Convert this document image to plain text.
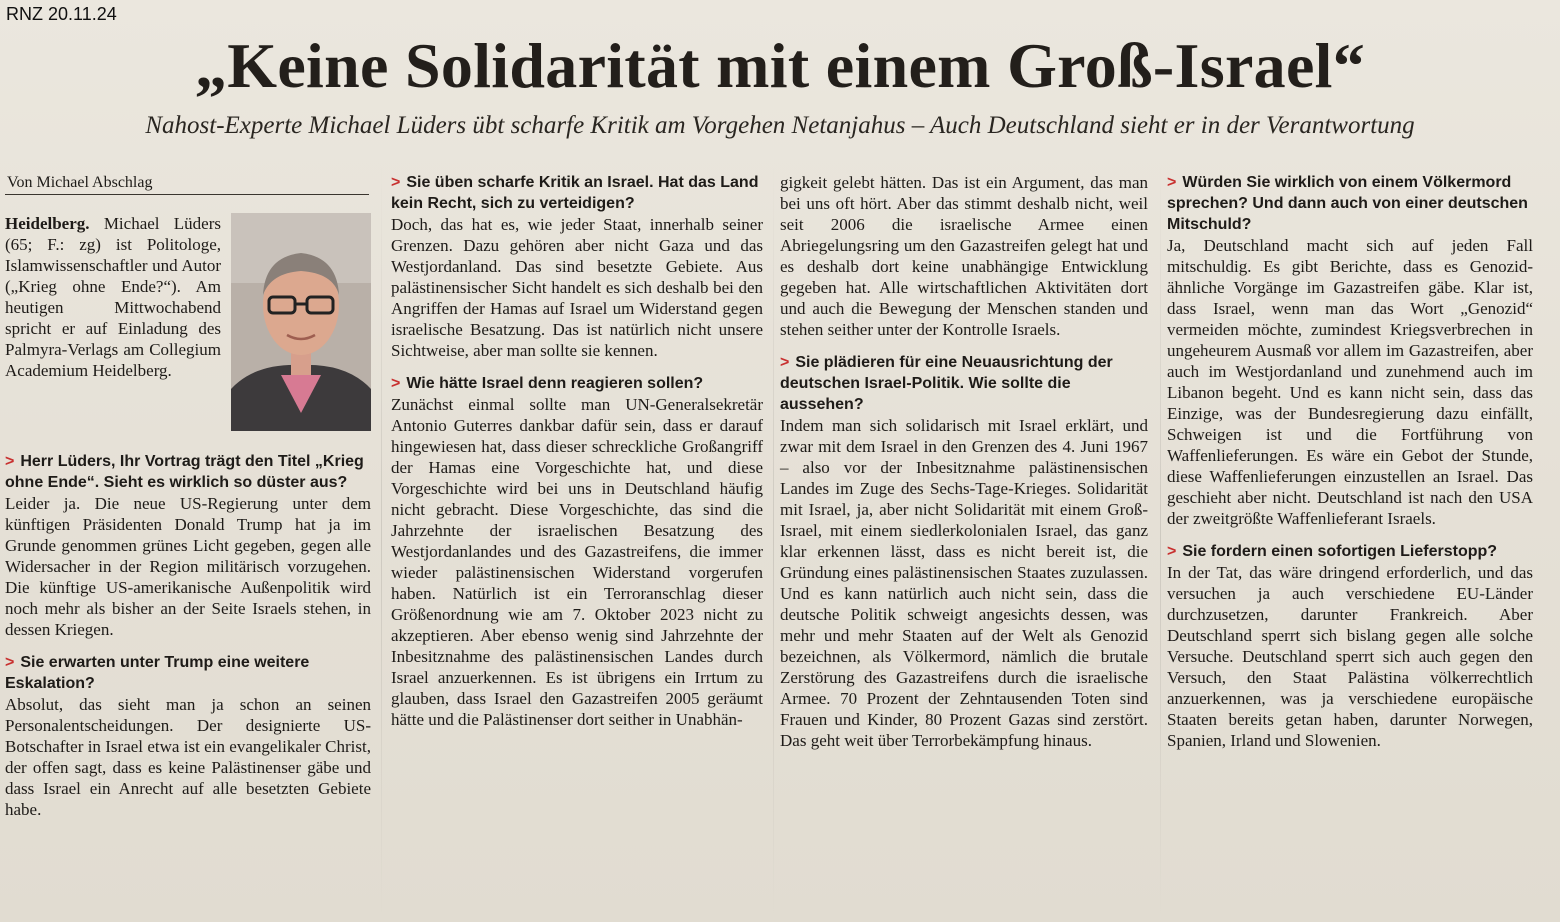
RNZ 20.11.24
„Keine Solidarität mit einem Groß-Israel“
Nahost-Experte Michael Lüders übt scharfe Kritik am Vorgehen Netanjahus – Auch Deutschland sieht er in der Verantwortung
Von Michael Abschlag

Heidelberg. Michael Lüders (65; F.: zg) ist Politologe, Islamwissenschaftler und Autor („Krieg ohne Ende?“). Am heutigen Mittwochabend spricht er auf Einladung des Palmyra-Verlags am Collegium Academium Heidelberg.

> Herr Lüders, Ihr Vortrag trägt den Titel „Krieg ohne Ende“. Sieht es wirklich so düster aus?

Leider ja. Die neue US-Regierung unter dem künftigen Präsidenten Donald Trump hat ja im Grunde genommen grünes Licht gegeben, gegen alle Widersacher in der Region militärisch vorzugehen. Die künftige US-amerikanische Außenpolitik wird noch mehr als bisher an der Seite Israels stehen, in dessen Kriegen.

> Sie erwarten unter Trump eine weitere Eskalation?

Absolut, das sieht man ja schon an seinen Personalentscheidungen. Der designierte US-Botschafter in Israel etwa ist ein evangelikaler Christ, der offen sagt, dass es keine Palästinenser gäbe und dass Israel ein Anrecht auf alle besetzten Gebiete habe.

> Sie üben scharfe Kritik an Israel. Hat das Land kein Recht, sich zu verteidigen?

Doch, das hat es, wie jeder Staat, innerhalb seiner Grenzen. Dazu gehören aber nicht Gaza und das Westjordanland. Das sind besetzte Gebiete. Aus palästinensischer Sicht handelt es sich deshalb bei den Angriffen der Hamas auf Israel um Widerstand gegen israelische Besatzung. Das ist natürlich nicht unsere Sichtweise, aber man sollte sie kennen.

> Wie hätte Israel denn reagieren sollen?

Zunächst einmal sollte man UN-Generalsekretär Antonio Guterres dankbar dafür sein, dass er darauf hingewiesen hat, dass dieser schreckliche Großangriff der Hamas eine Vorgeschichte hat, und diese Vorgeschichte wird bei uns in Deutschland häufig nicht gebracht. Diese Vorgeschichte, das sind die Jahrzehnte der israelischen Besatzung des Westjordanlandes und des Gazastreifens, die immer wieder palästinensischen Widerstand vorgerufen haben. Natürlich ist ein Terroranschlag dieser Größenordnung wie am 7. Oktober 2023 nicht zu akzeptieren. Aber ebenso wenig sind Jahrzehnte der Inbesitznahme des palästinensischen Landes durch Israel anzuerkennen. Es ist übrigens ein Irrtum zu glauben, dass Israel den Gazastreifen 2005 geräumt hätte und die Palästinenser dort seither in Unabhän-

gigkeit gelebt hätten. Das ist ein Argument, das man bei uns oft hört. Aber das stimmt deshalb nicht, weil seit 2006 die israelische Armee einen Abriegelungsring um den Gazastreifen gelegt hat und es deshalb dort keine unabhängige Entwicklung gegeben hat. Alle wirtschaftlichen Aktivitäten dort und auch die Bewegung der Menschen standen und stehen seither unter der Kontrolle Israels.

> Sie plädieren für eine Neuausrichtung der deutschen Israel-Politik. Wie sollte die aussehen?

Indem man sich solidarisch mit Israel erklärt, und zwar mit dem Israel in den Grenzen des 4. Juni 1967 – also vor der Inbesitznahme palästinensischen Landes im Zuge des Sechs-Tage-Krieges. Solidarität mit Israel, ja, aber nicht Solidarität mit einem Groß-Israel, mit einem siedlerkolonialen Israel, das ganz klar erkennen lässt, dass es nicht bereit ist, die Gründung eines palästinensischen Staates zuzulassen. Und es kann natürlich auch nicht sein, dass die deutsche Politik schweigt angesichts dessen, was mehr und mehr Staaten auf der Welt als Genozid bezeichnen, als Völkermord, nämlich die brutale Zerstörung des Gazastreifens durch die israelische Armee. 70 Prozent der Zehntausenden Toten sind Frauen und Kinder, 80 Prozent Gazas sind zerstört. Das geht weit über Terrorbekämpfung hinaus.

> Würden Sie wirklich von einem Völkermord sprechen? Und dann auch von einer deutschen Mitschuld?

Ja, Deutschland macht sich auf jeden Fall mitschuldig. Es gibt Berichte, dass es Genozid-ähnliche Vorgänge im Gazastreifen gäbe. Klar ist, dass Israel, wenn man das Wort „Genozid“ vermeiden möchte, zumindest Kriegsverbrechen in ungeheurem Ausmaß vor allem im Gazastreifen, aber auch im Westjordanland und zunehmend auch im Libanon begeht. Und es kann nicht sein, dass das Einzige, was der Bundesregierung dazu einfällt, Schweigen ist und die Fortführung von Waffenlieferungen. Es wäre ein Gebot der Stunde, diese Waffenlieferungen einzustellen an Israel. Das geschieht aber nicht. Deutschland ist nach den USA der zweitgrößte Waffenlieferant Israels.

> Sie fordern einen sofortigen Lieferstopp?

In der Tat, das wäre dringend erforderlich, und das versuchen ja auch verschiedene EU-Länder durchzusetzen, darunter Frankreich. Aber Deutschland sperrt sich bislang gegen alle solche Versuche. Deutschland sperrt sich auch gegen den Versuch, den Staat Palästina völkerrechtlich anzuerkennen, was ja verschiedene europäische Staaten bereits getan haben, darunter Norwegen, Spanien, Irland und Slowenien.
